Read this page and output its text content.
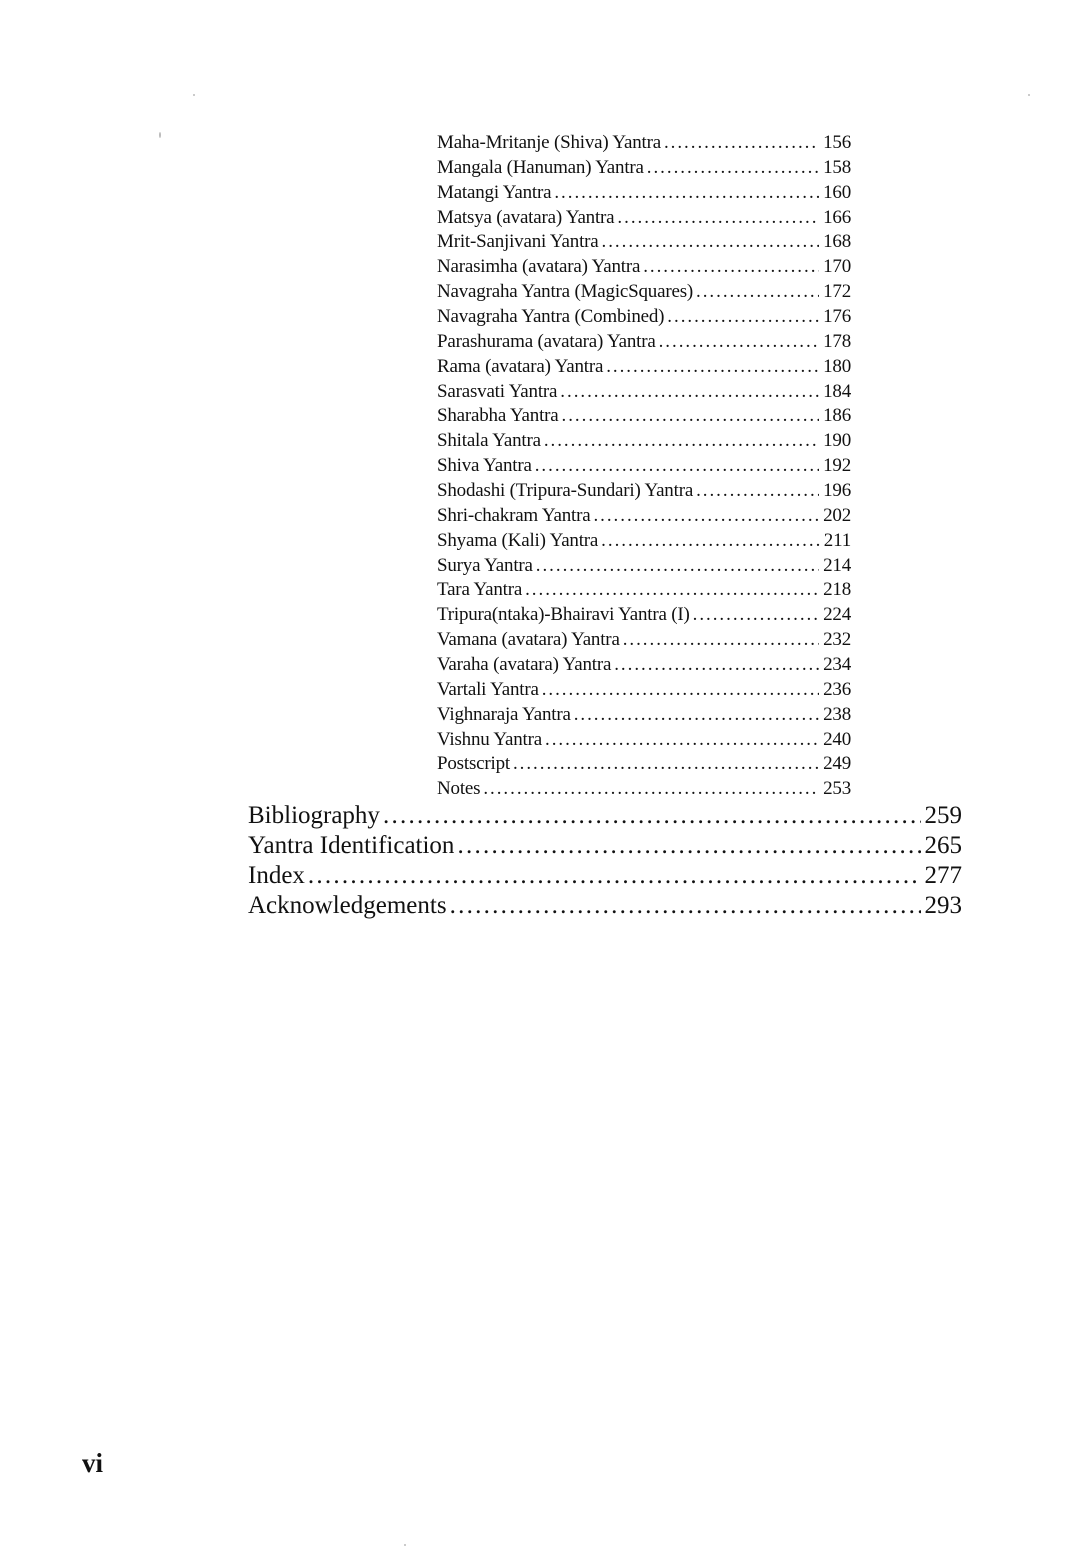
Maha-Mritanje (Shiva) Yantra . . .	156
Mangala (Hanuman) Yantra . . .	158
Matangi Yantra . . .	160
Matsya (avatara) Yantra . . .	166
Mrit-Sanjivani Yantra . . .	168
Narasimha (avatara) Yantra . . .	170
Navagraha Yantra (MagicSquares) . . .	172
Navagraha Yantra (Combined) . . .	176
Parashurama (avatara) Yantra . . .	178
Rama (avatara) Yantra . . .	180
Sarasvati Yantra . . .	184
Sharabha Yantra . . .	186
Shitala Yantra . . .	190
Shiva Yantra . . .	192
Shodashi (Tripura-Sundari) Yantra . . .	196
Shri-chakram Yantra . . .	202
Shyama (Kali) Yantra . . .	211
Surya Yantra . . .	214
Tara Yantra . . .	218
Tripura(ntaka)-Bhairavi Yantra (I) . . .	224
Vamana (avatara) Yantra . . .	232
Varaha (avatara) Yantra . . .	234
Vartali Yantra . . .	236
Vighnaraja Yantra . . .	238
Vishnu Yantra . . .	240
Postscript . . .	249
Notes . . .	253
Bibliography . . .	259
Yantra Identification . . .	265
Index . . .	277
Acknowledgements . . .	293
vi
